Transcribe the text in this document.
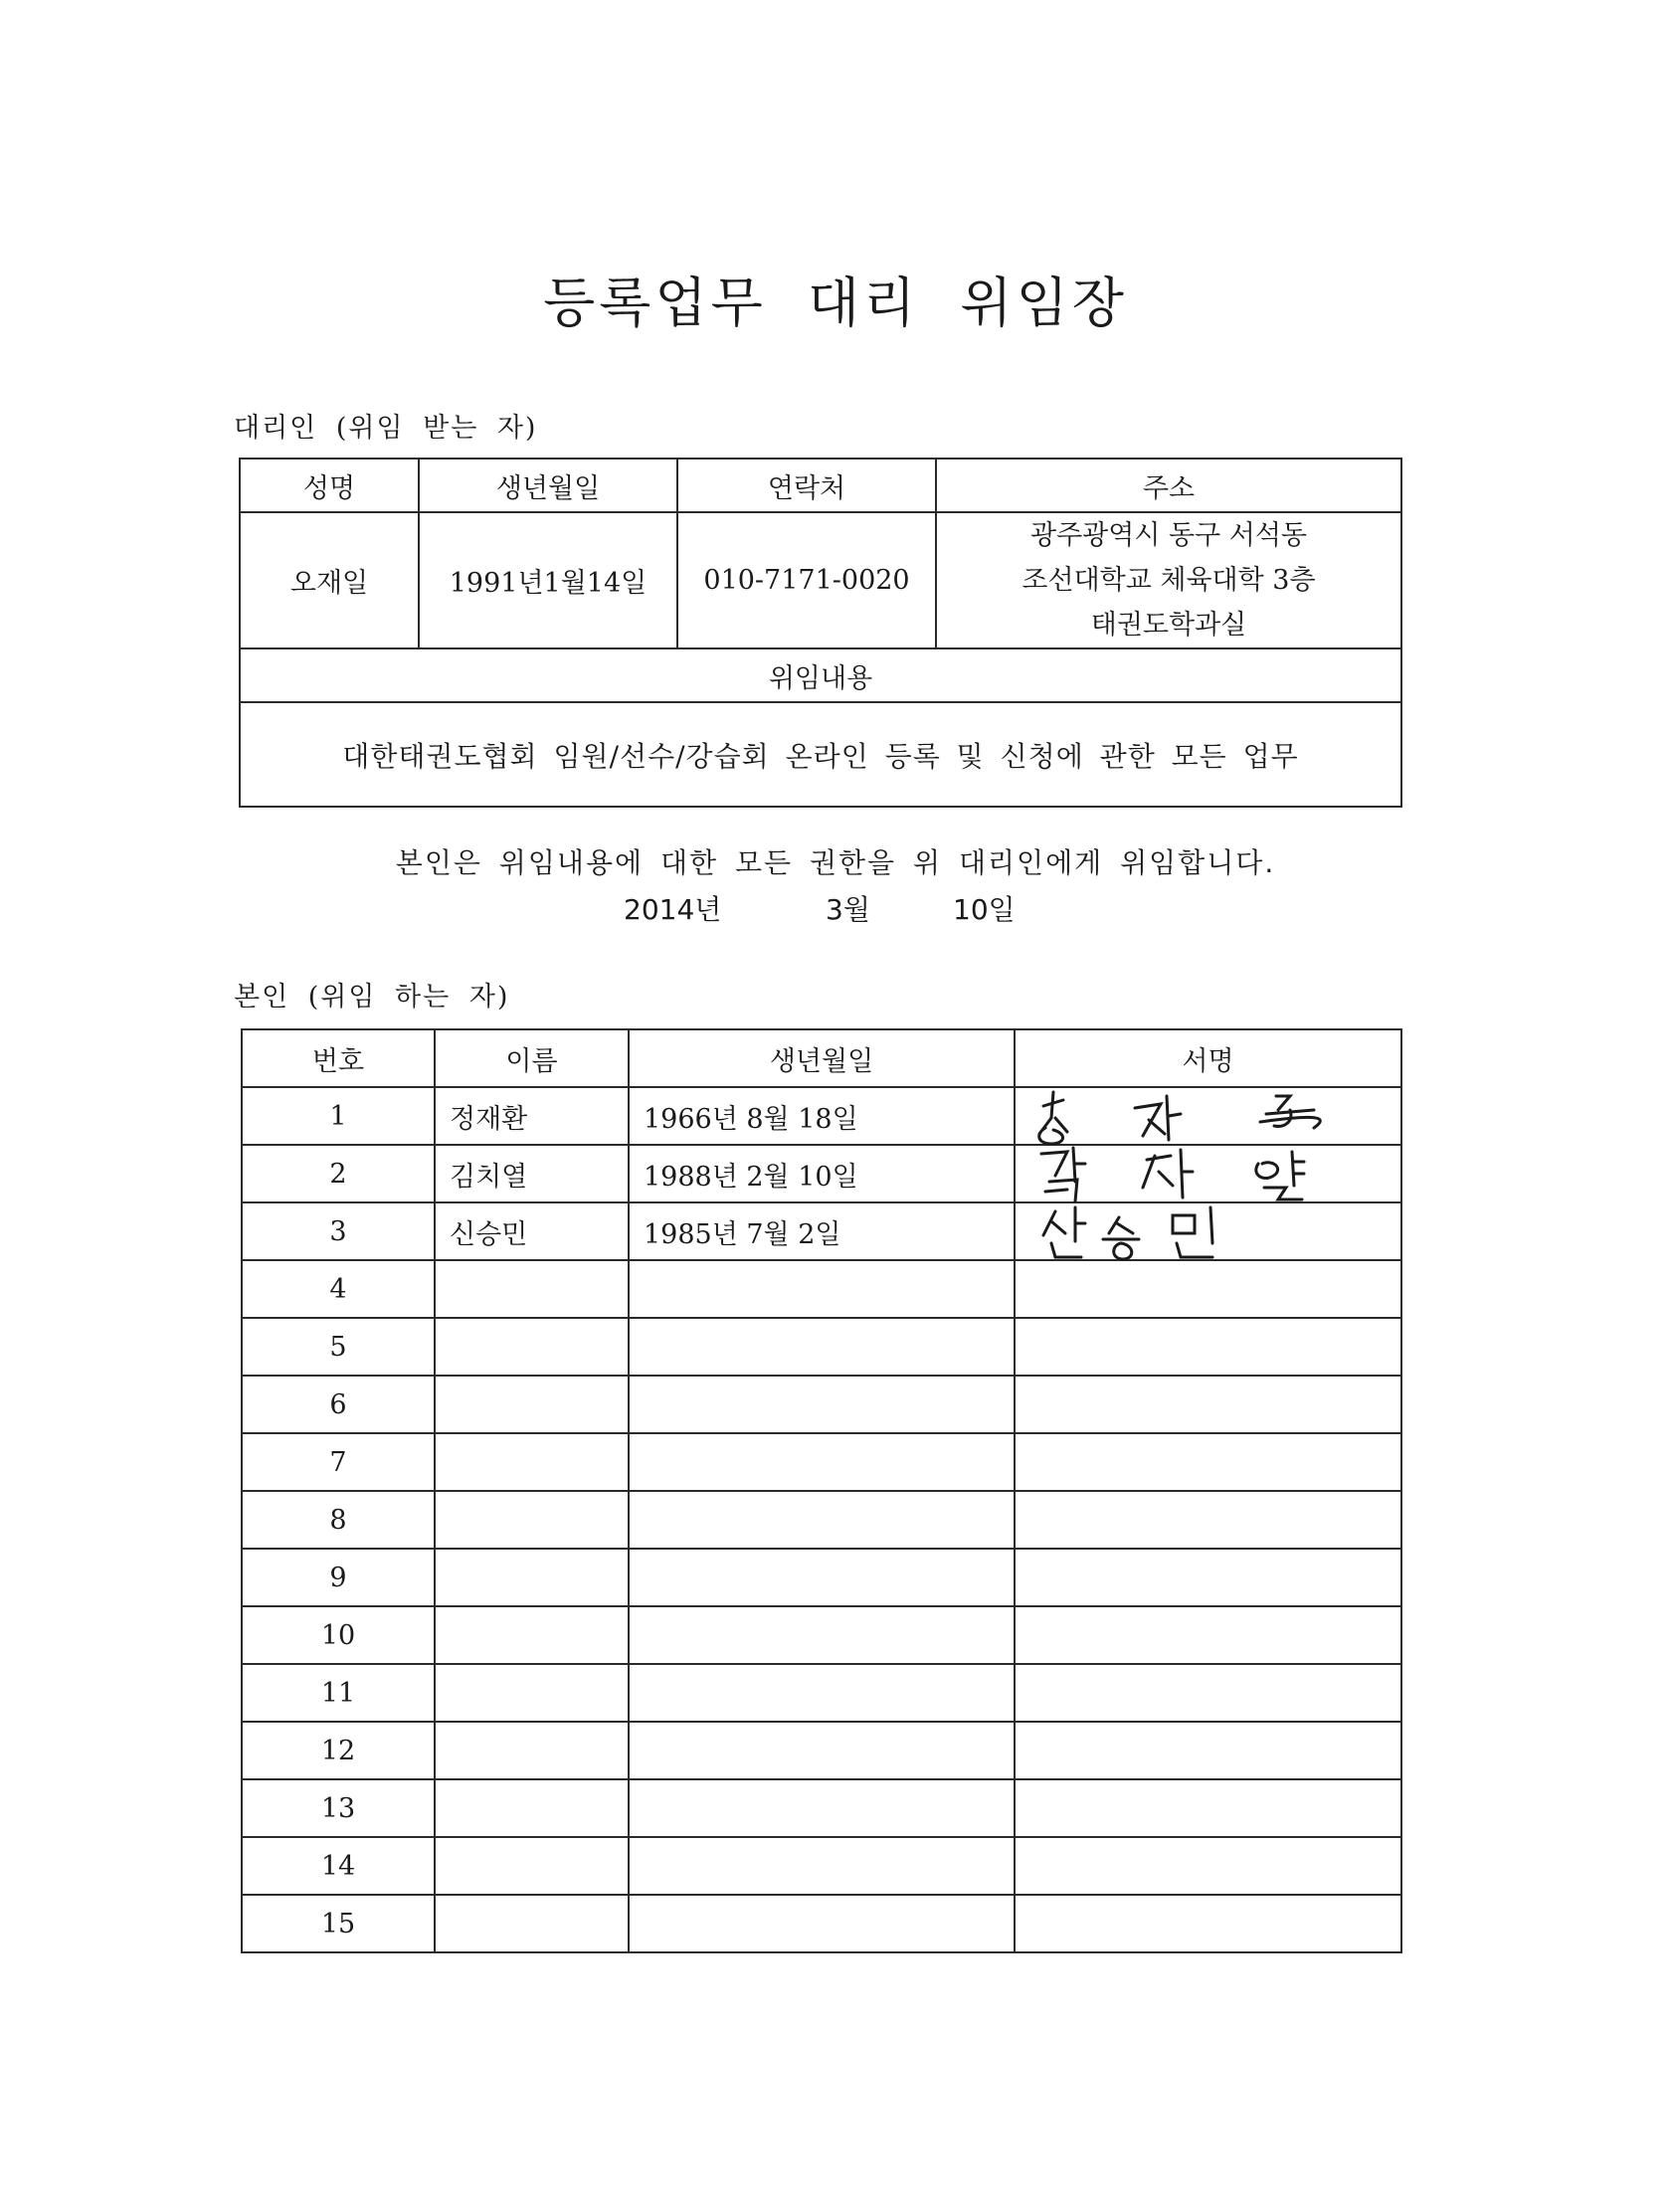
등록업무 대리 위임장
대리인 (위임 받는 자)
성명	생년월일	연락처	주소
오재일	1991년1월14일	010-7171-0020	광주광역시 동구 서석동
조선대학교 체육대학 3층
태권도학과실

위임내용			
대한태권도협회 임원/선수/강습회 온라인 등록 및 신청에 관한 모든 업무			
본인은 위임내용에 대한 모든 권한을 위 대리인에게 위임합니다.
2014년	3월	10일
본인 (위임 하는 자)
번호	이름	생년월일	서명
1	정재환	1966년 8월 18일	

2	김치열	1988년 2월 10일	

3	신승민	1985년 7월 2일	

4			
5			
6			
7			
8			
9			
10			
11			
12			
13			
14			
15			
